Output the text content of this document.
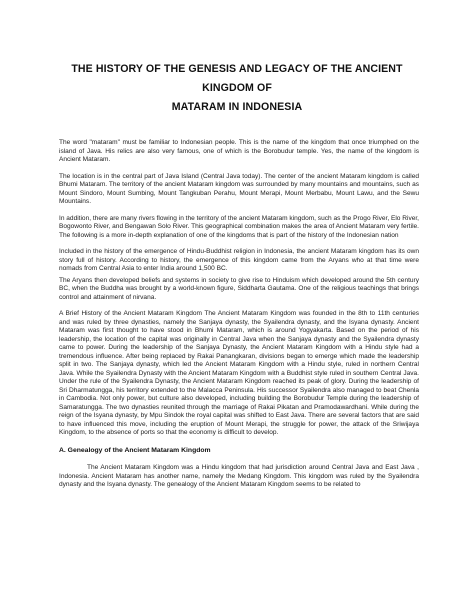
THE HISTORY OF THE GENESIS AND LEGACY OF THE ANCIENT KINGDOM OF
MATARAM IN INDONESIA

The word "mataram" must be familiar to Indonesian people. This is the name of the kingdom that once triumphed on the island of Java. His relics are also very famous, one of which is the Borobudur temple. Yes, the name of the kingdom is Ancient Mataram.

The location is in the central part of Java Island (Central Java today). The center of the ancient Mataram kingdom is called Bhumi Mataram. The territory of the ancient Mataram kingdom was surrounded by many mountains and mountains, such as Mount Sindoro, Mount Sumbing, Mount Tangkuban Perahu, Mount Merapi, Mount Merbabu, Mount Lawu, and the Sewu Mountains.

In addition, there are many rivers flowing in the territory of the ancient Mataram kingdom, such as the Progo River, Elo River, Bogowonto River, and Bengawan Solo River. This geographical combination makes the area of Ancient Mataram very fertile. The following is a more in-depth explanation of one of the kingdoms that is part of the history of the Indonesian nation

Included in the history of the emergence of Hindu-Buddhist religion in Indonesia, the ancient Mataram kingdom has its own story full of history. According to history, the emergence of this kingdom came from the Aryans who at that time were nomads from Central Asia to enter India around 1,500 BC.

The Aryans then developed beliefs and systems in society to give rise to Hinduism which developed around the 5th century BC, when the Buddha was brought by a world-known figure, Siddharta Gautama. One of the religious teachings that brings control and attainment of nirvana.

A Brief History of the Ancient Mataram Kingdom The Ancient Mataram Kingdom was founded in the 8th to 11th centuries and was ruled by three dynasties, namely the Sanjaya dynasty, the Syailendra dynasty, and the Isyana dynasty. Ancient Mataram was first thought to have stood in Bhumi Mataram, which is around Yogyakarta. Based on the period of his leadership, the location of the capital was originally in Central Java when the Sanjaya dynasty and the Syailendra dynasty came to power. During the leadership of the Sanjaya Dynasty, the Ancient Mataram Kingdom with a Hindu style had a tremendous influence. After being replaced by Rakai Panangkaran, divisions began to emerge which made the leadership split in two. The Sanjaya dynasty, which led the Ancient Mataram Kingdom with a Hindu style, ruled in northern Central Java. While the Syailendra Dynasty with the Ancient Mataram Kingdom with a Buddhist style ruled in southern Central Java. Under the rule of the Syailendra Dynasty, the Ancient Mataram Kingdom reached its peak of glory. During the leadership of Sri Dharmatungga, his territory extended to the Malacca Peninsula. His successor Syailendra also managed to beat Chenla in Cambodia. Not only power, but culture also developed, including building the Borobudur Temple during the leadership of Samaratungga. The two dynasties reunited through the marriage of Rakai Pikatan and Pramodawardhani. While during the reign of the Isyana dynasty, by Mpu Sindok the royal capital was shifted to East Java. There are several factors that are said to have influenced this move, including the eruption of Mount Merapi, the struggle for power, the attack of the Sriwijaya Kingdom, to the absence of ports so that the economy is difficult to develop.

A. Genealogy of the Ancient Mataram Kingdom

The Ancient Mataram Kingdom was a Hindu kingdom that had jurisdiction around Central Java and East Java , Indonesia. Ancient Mataram has another name, namely the Medang Kingdom. This kingdom was ruled by the Syailendra dynasty and the Isyana dynasty. The genealogy of the Ancient Mataram Kingdom seems to be related to
